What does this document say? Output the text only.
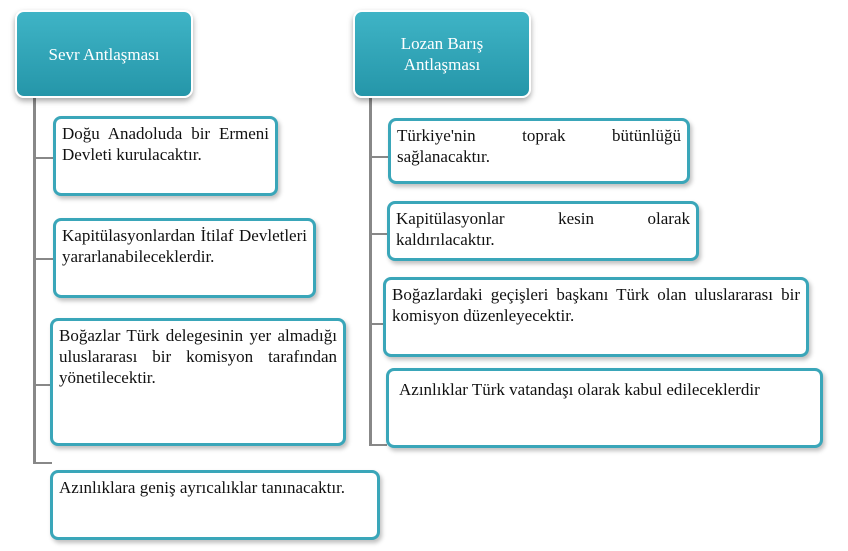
Sevr Antlaşması
Doğu Anadoluda bir Ermeni Devleti kurulacaktır.
Kapitülasyonlardan İtilaf Devletleri yararlanabileceklerdir.
Boğazlar Türk delegesinin yer almadığı uluslararası bir komisyon tarafından yönetilecektir.
Azınlıklara geniş ayrıcalıklar tanınacaktır.
Lozan Barış Antlaşması
Türkiye'nin toprak bütünlüğü sağlanacaktır.
Kapitülasyonlar kesin olarak kaldırılacaktır.
Boğazlardaki geçişleri başkanı Türk olan uluslararası bir komisyon düzenleyecektir.
Azınlıklar Türk vatandaşı olarak kabul edileceklerdir
